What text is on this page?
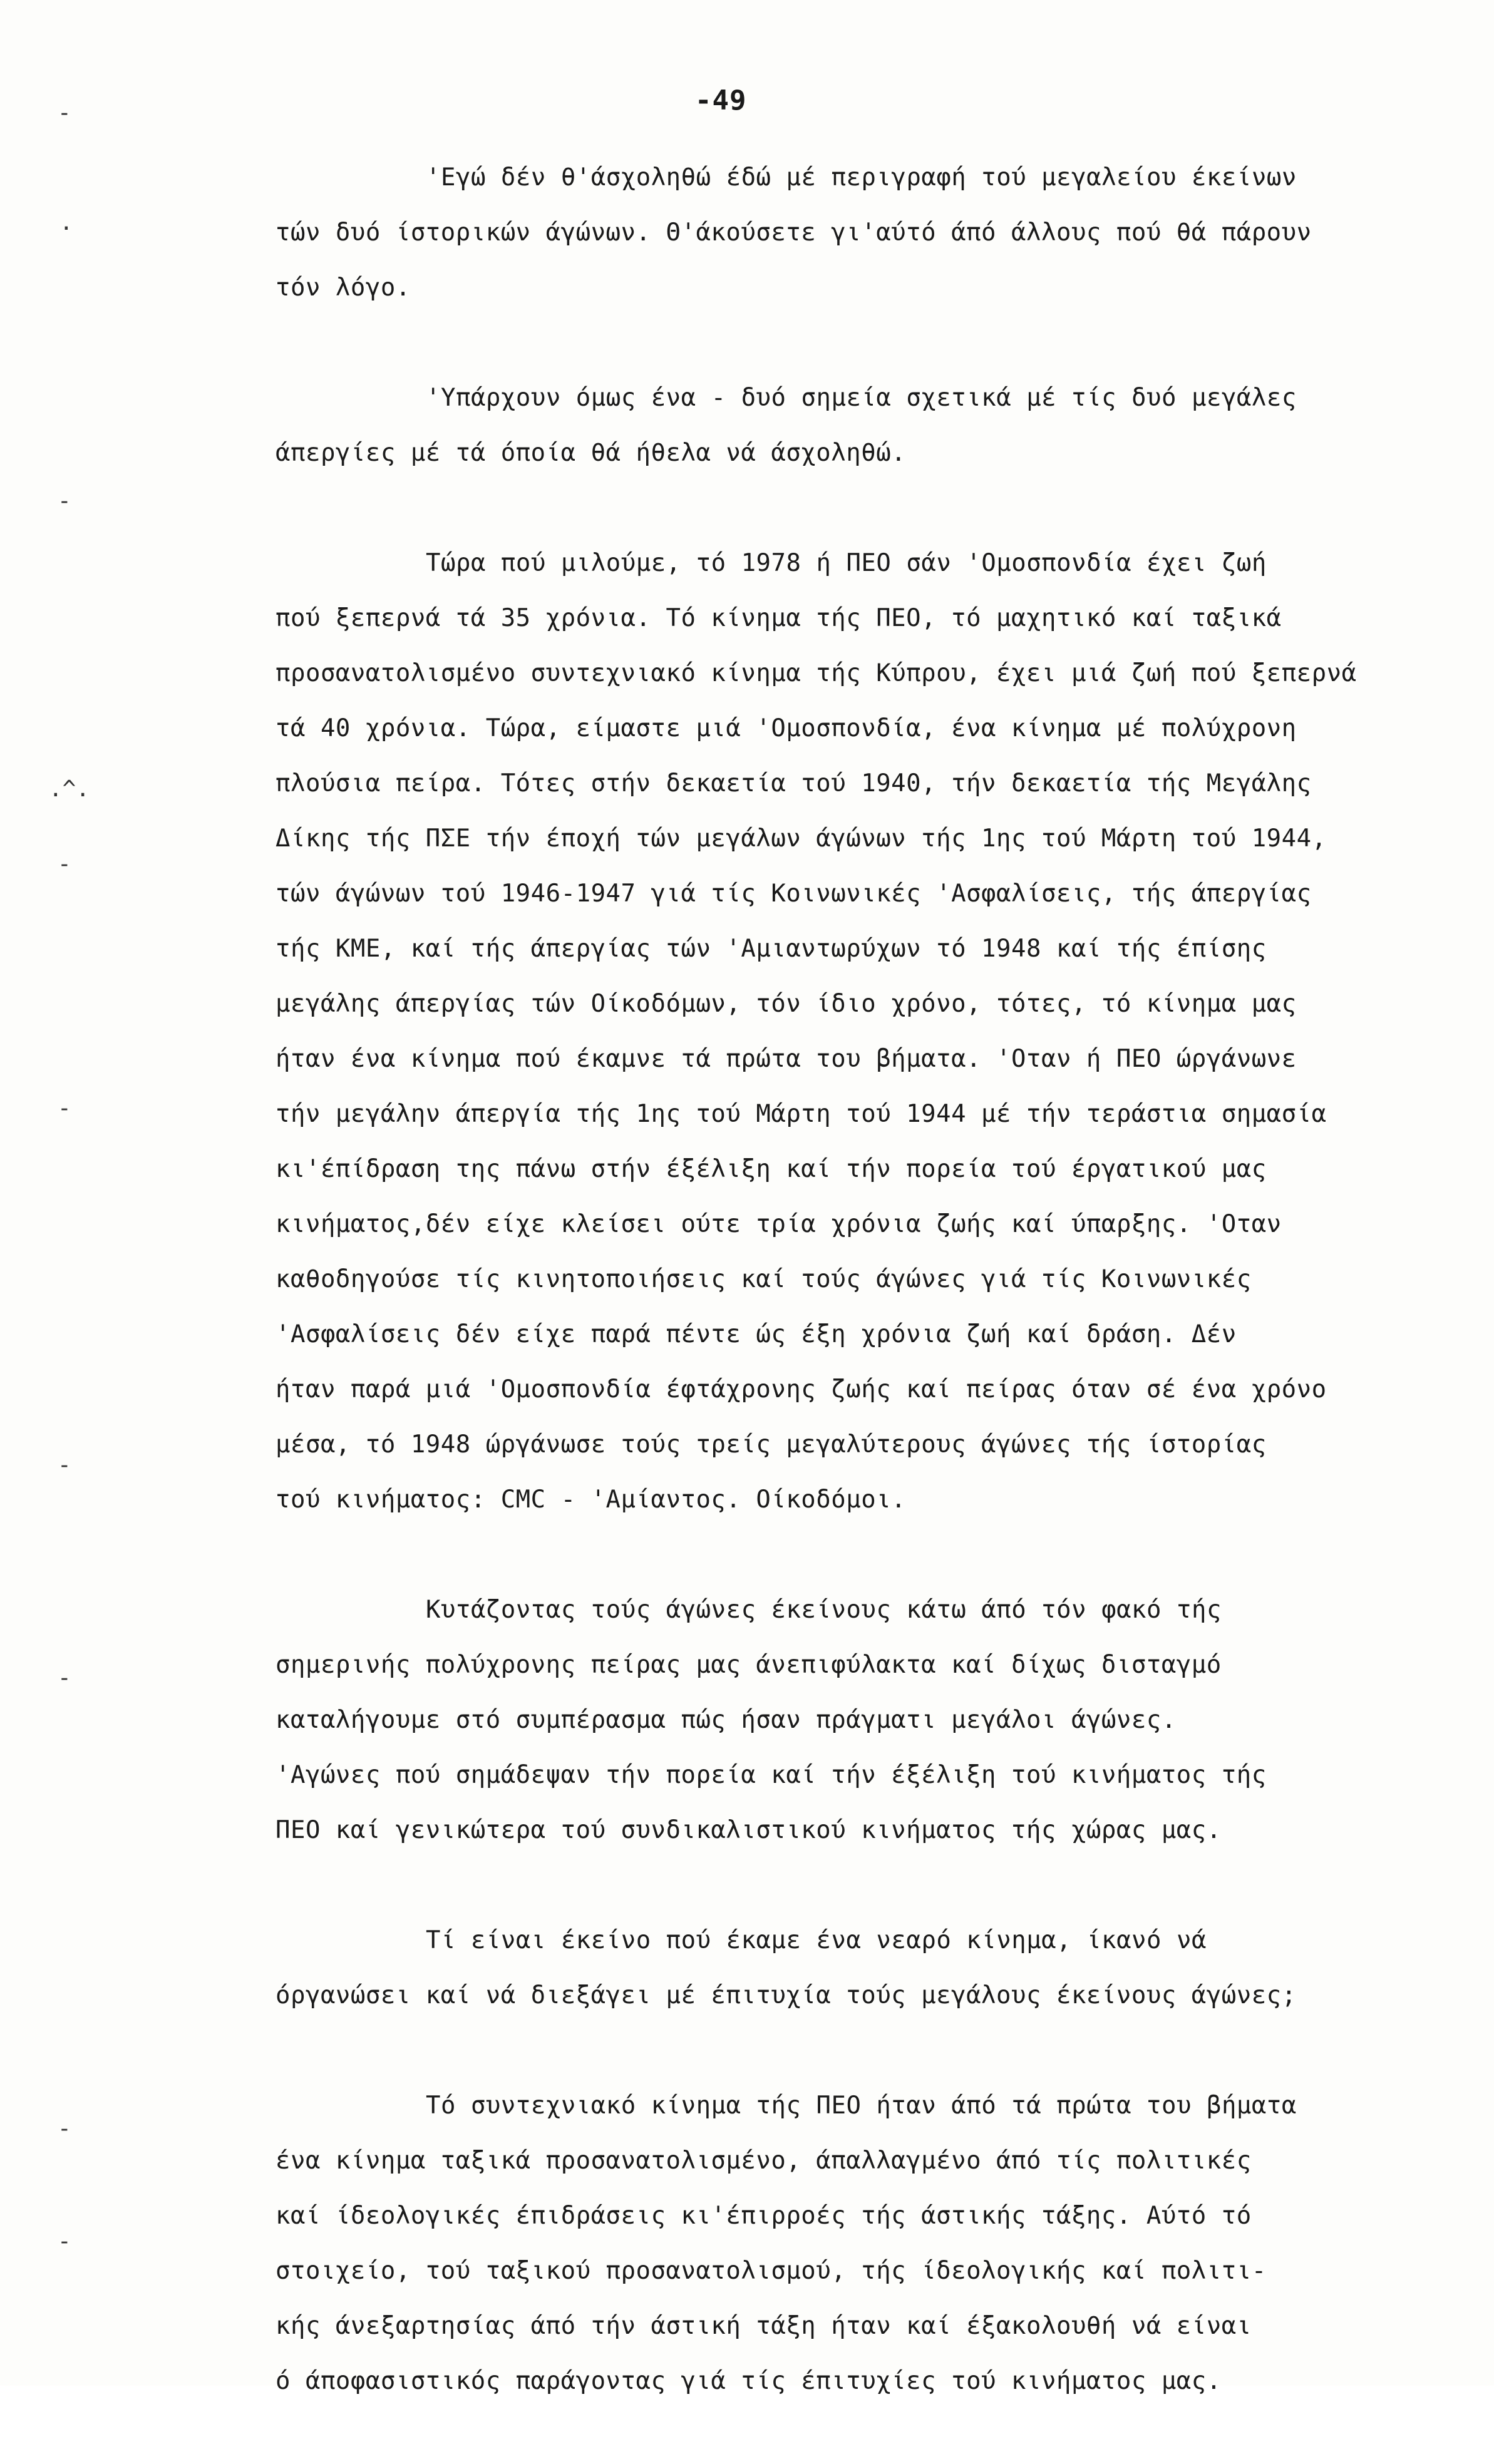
-49
-
.
-
.^.
-
-
-
-
-
-
'Εγώ δέν θ'άσχοληθώ έδώ μέ περιγραφή τού μεγαλείου έκείνων
τών δυό ίστορικών άγώνων. Θ'άκούσετε γι'αύτό άπό άλλους πού θά πάρουν
τόν λόγο.
'Υπάρχουν όμως ένα - δυό σημεία σχετικά μέ τίς δυό μεγάλες
άπεργίες μέ τά όποία θά ήθελα νά άσχοληθώ.
Τώρα πού μιλούμε, τό 1978 ή ΠΕΟ σάν 'Ομοσπονδία έχει ζωή
πού ξεπερνά τά 35 χρόνια. Τό κίνημα τής ΠΕΟ, τό μαχητικό καί ταξικά
προσανατολισμένο συντεχνιακό κίνημα τής Κύπρου, έχει μιά ζωή πού ξεπερνά
τά 40 χρόνια. Τώρα, είμαστε μιά 'Ομοσπονδία, ένα κίνημα μέ πολύχρονη
πλούσια πείρα. Τότες στήν δεκαετία τού 1940, τήν δεκαετία τής Μεγάλης
Δίκης τής ΠΣΕ τήν έποχή τών μεγάλων άγώνων τής 1ης τού Μάρτη τού 1944,
τών άγώνων τού 1946-1947 γιά τίς Κοινωνικές 'Ασφαλίσεις, τής άπεργίας
τής ΚΜΕ, καί τής άπεργίας τών 'Αμιαντωρύχων τό 1948 καί τής έπίσης
μεγάλης άπεργίας τών Οίκοδόμων, τόν ίδιο χρόνο, τότες, τό κίνημα μας
ήταν ένα κίνημα πού έκαμνε τά πρώτα του βήματα. 'Οταν ή ΠΕΟ ώργάνωνε
τήν μεγάλην άπεργία τής 1ης τού Μάρτη τού 1944 μέ τήν τεράστια σημασία
κι'έπίδραση της πάνω στήν έξέλιξη καί τήν πορεία τού έργατικού μας
κινήματος,δέν είχε κλείσει ούτε τρία χρόνια ζωής καί ύπαρξης. 'Οταν
καθοδηγούσε τίς κινητοποιήσεις καί τούς άγώνες γιά τίς Κοινωνικές
'Ασφαλίσεις δέν είχε παρά πέντε ώς έξη χρόνια ζωή καί δράση. Δέν
ήταν παρά μιά 'Ομοσπονδία έφτάχρονης ζωής καί πείρας όταν σέ ένα χρόνο
μέσα, τό 1948 ώργάνωσε τούς τρείς μεγαλύτερους άγώνες τής ίστορίας
τού κινήματος: CMC - 'Αμίαντος. Οίκοδόμοι.
Κυτάζοντας τούς άγώνες έκείνους κάτω άπό τόν φακό τής
σημερινής πολύχρονης πείρας μας άνεπιφύλακτα καί δίχως δισταγμό
καταλήγουμε στό συμπέρασμα πώς ήσαν πράγματι μεγάλοι άγώνες.
'Αγώνες πού σημάδεψαν τήν πορεία καί τήν έξέλιξη τού κινήματος τής
ΠΕΟ καί γενικώτερα τού συνδικαλιστικού κινήματος τής χώρας μας.
Τί είναι έκείνο πού έκαμε ένα νεαρό κίνημα, ίκανό νά
όργανώσει καί νά διεξάγει μέ έπιτυχία τούς μεγάλους έκείνους άγώνες;
Τό συντεχνιακό κίνημα τής ΠΕΟ ήταν άπό τά πρώτα του βήματα
ένα κίνημα ταξικά προσανατολισμένο, άπαλλαγμένο άπό τίς πολιτικές
καί ίδεολογικές έπιδράσεις κι'έπιρροές τής άστικής τάξης. Αύτό τό
στοιχείο, τού ταξικού προσανατολισμού, τής ίδεολογικής καί πολιτι-
κής άνεξαρτησίας άπό τήν άστική τάξη ήταν καί έξακολουθή νά είναι
ό άποφασιστικός παράγοντας γιά τίς έπιτυχίες τού κινήματος μας.
